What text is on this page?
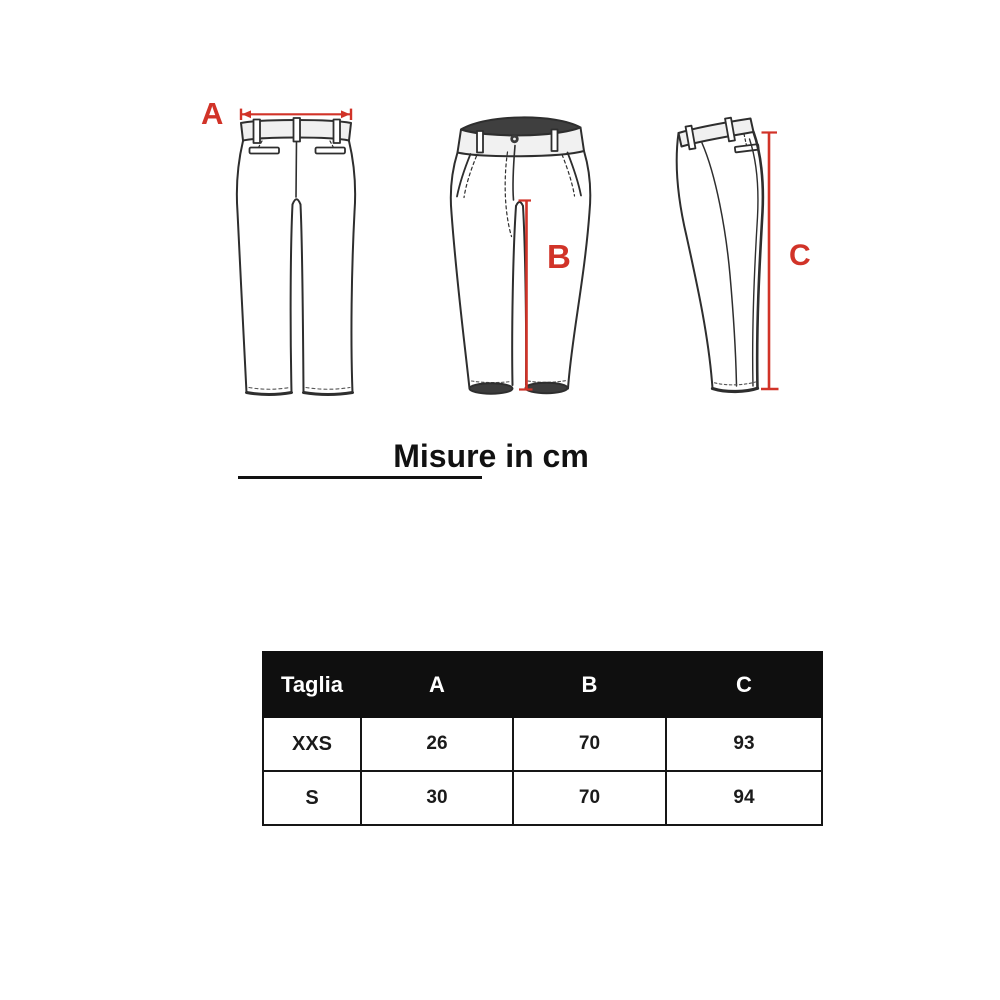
A
B	C
Misure in cm
Taglia	A	B	C
XXS	26	70	93
S	30	70	94
